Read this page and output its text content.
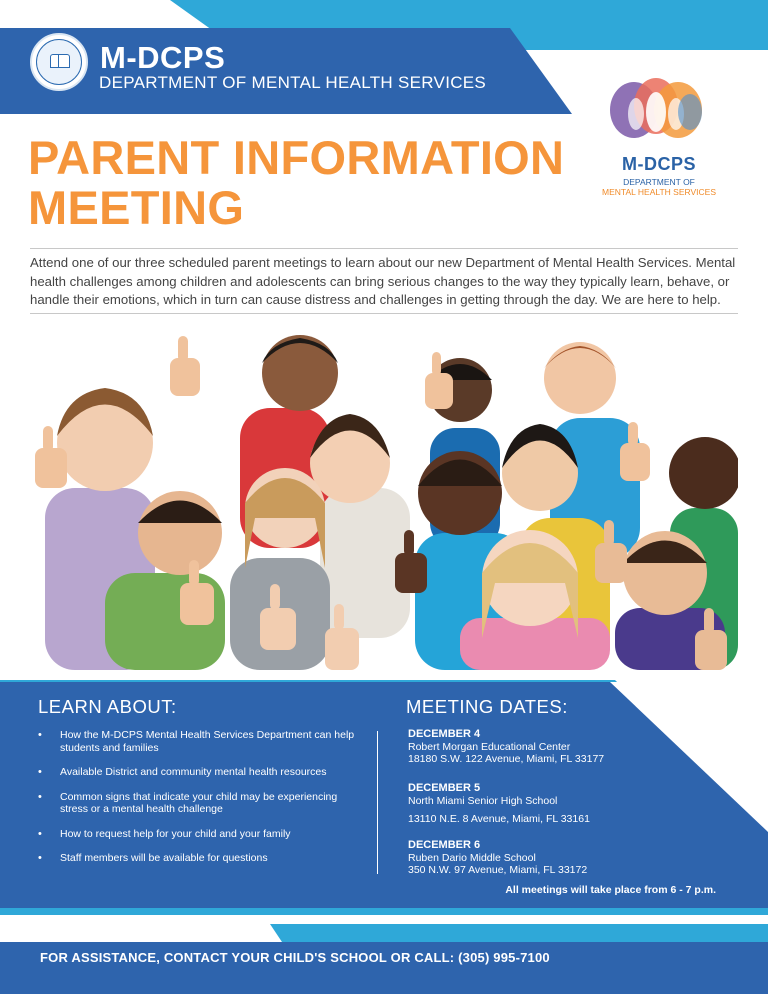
M-DCPS
DEPARTMENT OF MENTAL HEALTH SERVICES
M-DCPS
DEPARTMENT OF
MENTAL HEALTH SERVICES
PARENT INFORMATION
MEETING
Attend one of our three scheduled parent meetings to learn about our new Department of Mental Health Services. Mental health challenges among children and adolescents can bring serious changes to the way they typically learn, behave, or handle their emotions, which in turn can cause distress and challenges in getting through the day. We are here to help.
LEARN ABOUT:
• How the M-DCPS Mental Health Services Department can help students and families
• Available District and community mental health resources
• Common signs that indicate your child may be experiencing stress or a mental health challenge
• How to request help for your child and your family
• Staff members will be available for questions
MEETING DATES:
DECEMBER 4
Robert Morgan Educational Center
18180 S.W. 122 Avenue, Miami, FL 33177
DECEMBER 5
North Miami Senior High School
13110 N.E. 8 Avenue, Miami, FL 33161
DECEMBER 6
Ruben Dario Middle School
350 N.W. 97 Avenue, Miami, FL 33172
All meetings will take place from 6 - 7 p.m.
FOR ASSISTANCE, CONTACT YOUR CHILD'S SCHOOL OR CALL: (305) 995-7100
